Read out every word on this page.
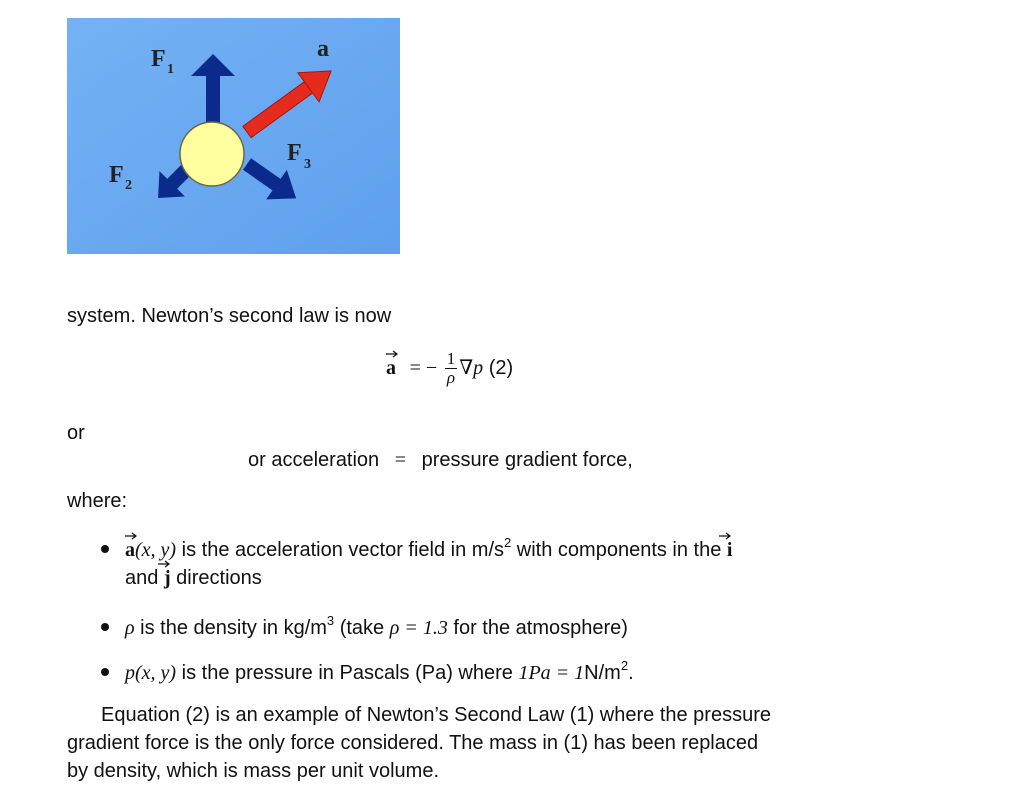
F 1
F 2
F 3
a
system. Newton’s second law is now
a = − $\frac{1}{\rho} \nabla p$ (2)
or
or acceleration = pressure gradient force,
where:
a(x, y) is the acceleration vector field in $m/s^2$ with components in the
i
and
j directions
ρ is the density in $kg/m^3$ (take ρ = 1.3 for the atmosphere)
p(x, y) is the pressure in Pascals (Pa) where $1Pa = 1N/m^2$.
Equation (2) is an example of Newton’s Second Law (1) where the pressure
gradient force is the only force considered. The mass in (1) has been replaced
by density, which is mass per unit volume.
